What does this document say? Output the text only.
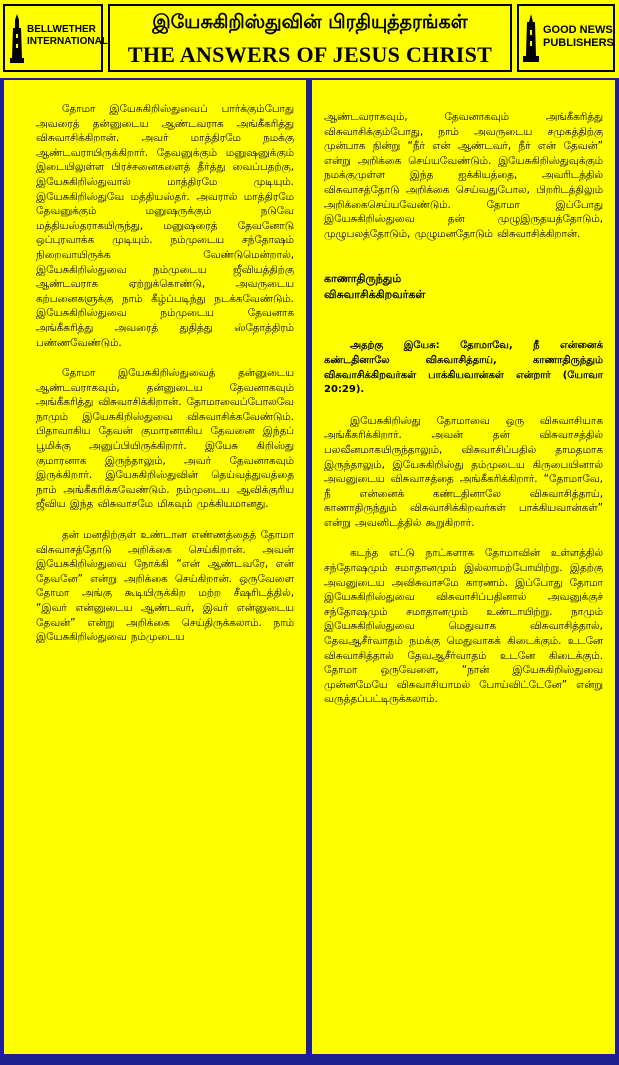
BELLWETHER
INTERNATIONAL
இயேசுகிறிஸ்துவின் பிரதியுத்தரங்கள்
THE ANSWERS OF JESUS CHRIST
GOOD NEWS
PUBLISHERS

தோமா இயேசுகிறிஸ்துவைப் பார்க்கும்போது அவரைத் தன்னுடைய ஆண்டவராக அங்கீகரித்து விசுவாசிக்கிறான். அவர் மாத்திரமே நமக்கு ஆண்டவராயிருக்கிறார். தேவனுக்கும் மனுஷனுக்கும் இடையிலுள்ள பிரச்சனைகளைத் தீர்த்து வைப்பதற்கு, இயேசுகிறிஸ்துவால் மாத்திரமே முடியும். இயேசுகிறிஸ்துவே மத்தியஸ்தர். அவரால் மாத்திரமே தேவனுக்கும் மனுஷருக்கும் நடுவே மத்தியஸ்தராகயிருந்து, மனுஷரைத் தேவனோடு ஒப்புரவாக்க முடியும். நம்முடைய சந்தோஷம் நிறைவாயிருக்க வேண்டுமென்றால், இயேசுகிறிஸ்துவை நம்முடைய ஜீவியத்திற்கு ஆண்டவராக ஏற்றுக்கொண்டு, அவருடைய கற்பனைகளுக்கு நாம் கீழ்ப்படிந்து நடக்கவேண்டும். இயேசுகிறிஸ்துவை நம்முடைய தேவனாக அங்கீகரித்து அவரைத் துதித்து ஸ்தோத்திரம் பண்ணவேண்டும்.

தோமா இயேசுகிறிஸ்துவைத் தன்னுடைய ஆண்டவராகவும், தன்னுடைய தேவனாகவும் அங்கீகரித்து விசுவாசிக்கிறான். தோமாவைப்போலவே நாமும் இயேசுகிறிஸ்துவை விசுவாசிக்கவேண்டும். பிதாவாகிய தேவன் குமாரனாகிய தேவனை இந்தப் பூமிக்கு அனுப்பியிருக்கிறார். இயேசு கிறிஸ்து குமாரனாக இருந்தாலும், அவர் தேவனாகவும் இருக்கிறார். இயேசுகிறிஸ்துவின் தெய்வத்துவத்தை நாம் அங்கீகரிக்கவேண்டும். நம்முடைய ஆவிக்குரிய ஜீவிய இந்த விசுவாசமே மிகவும் முக்கியமானது.

தன் மனதிற்குள் உண்டான எண்ணத்தைத் தோமா விசுவாசத்தோடு அறிக்கை செய்கிறான். அவன் இயேசுகிறிஸ்துவை நோக்கி “என் ஆண்டவரே, என் தேவனே” என்று அறிக்கை செய்கிறான். ஒருவேளை தோமா அங்கு கூடியிருக்கிற மற்ற சீஷரிடத்தில், “இவர் என்னுடைய ஆண்டவர், இவர் என்னுடைய தேவன்” என்று அறிக்கை செய்திருக்கலாம். நாம் இயேசுகிறிஸ்துவை நம்முடைய

ஆண்டவராகவும், தேவனாகவும் அங்கீகரித்து விசுவாசிக்கும்போது, நாம் அவருடைய சமுகத்திற்கு முன்பாக நின்று “நீர் என் ஆண்டவர், நீர் என் தேவன்” என்று அறிக்கை செய்யவேண்டும். இயேசுகிறிஸ்துவுக்கும் நமக்குமுள்ள இந்த ஐக்கியத்தை, அவரிடத்தில் விசுவாசத்தோடு அறிக்கை செய்வதுபோல, பிறரிடத்திலும் அறிக்கைசெய்யவேண்டும். தோமா இப்போது இயேசுகிறிஸ்துவை தன் முழுஇருதயத்தோடும், முழுபலத்தோடும், முழுமனதோடும் விசுவாசிக்கிறான்.

காணாதிருந்தும்
விசுவாசிக்கிறவர்கள்

அதற்கு இயேசு: தோமாவே, நீ என்னைக் கண்டதினாலே விசுவாசித்தாய், காணாதிருந்தும் விசுவாசிக்கிறவர்கள் பாக்கியவான்கள் என்றார் (யோவா 20:29).

இயேசுகிறிஸ்து தோமாவை ஒரு விசுவாசியாக அங்கீகரிக்கிறார். அவன் தன் விசுவாசத்தில் பலவீனமாகயிருந்தாலும், விசுவாசிப்பதில் தாமதமாக இருந்தாலும், இயேசுகிறிஸ்து தம்முடைய கிருபையினால் அவனுடைய விசுவாசத்தை அங்கீகரிக்கிறார். “தோமாவே, நீ என்னைக் கண்டதினாலே விசுவாசித்தாய், காணாதிருந்தும் விசுவாசிக்கிறவர்கள் பாக்கியவான்கள்” என்று அவனிடத்தில் கூறுகிறார்.

கடந்த எட்டு நாட்களாக தோமாவின் உள்ளத்தில் சந்தோஷமும் சமாதானமும் இல்லாமற்போயிற்று. இதற்கு அவனுடைய அவிசுவாசமே காரணம். இப்போது தோமா இயேசுகிறிஸ்துவை விசுவாசிப்பதினால் அவனுக்குச் சந்தோஷமும் சமாதானமும் உண்டாயிற்று. நாமும் இயேசுகிறிஸ்துவை மெதுவாக விசுவாசித்தால், தேவஆசீர்வாதம் நமக்கு மெதுவாகக் கிடைக்கும். உடனே விசுவாசித்தால் தேவஆசீர்வாதம் உடனே கிடைக்கும். தோமா ஒருவேளை, “நான் இயேசுகிறிஸ்துவை முன்னமேயே விசுவாசியாமல் போய்விட்டேனே” என்று வருத்தப்பட்டிருக்கலாம்.
